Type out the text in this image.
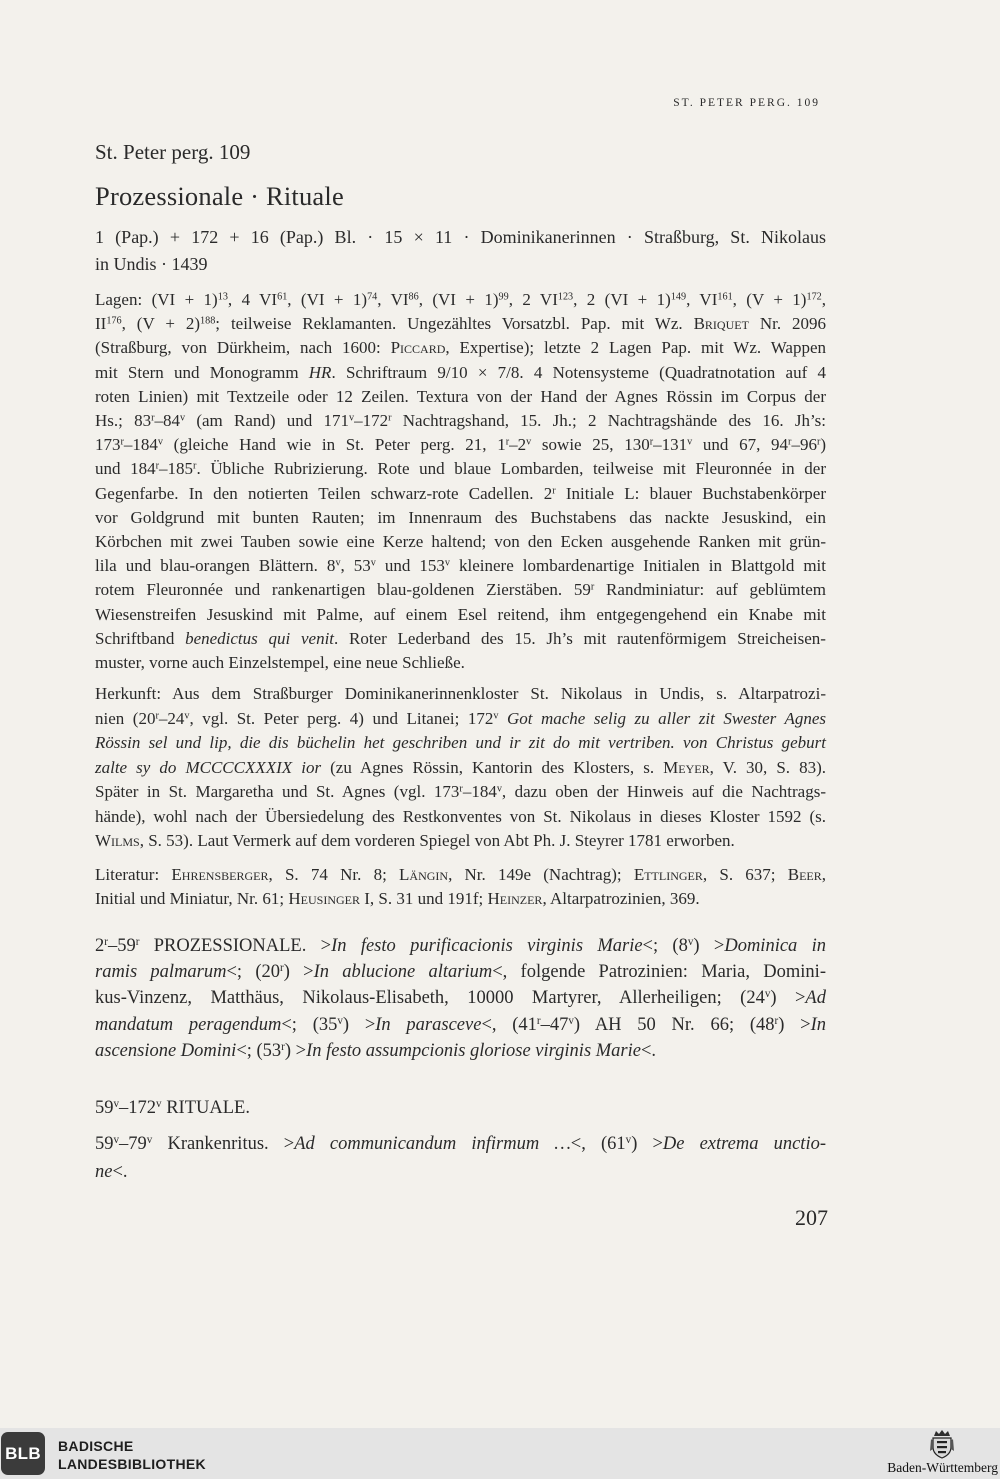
ST. PETER PERG. 109
St. Peter perg. 109
Prozessionale · Rituale
1 (Pap.) + 172 + 16 (Pap.) Bl. · 15 × 11 · Dominikanerinnen · Straßburg, St. Nikolaus
in Undis · 1439
Lagen: (VI + 1)$^{13}$, 4 VI$^{61}$, (VI + 1)$^{74}$, VI$^{86}$, (VI + 1)$^{99}$, 2 VI$^{123}$, 2 (VI + 1)$^{149}$, VI$^{161}$, $(V + 1)^{172}$,
II$^{176}$, $(V + 2)^{188}$; teilweise Reklamanten. Ungezähltes Vorsatzbl. Pap. mit Wz. Briquet Nr. 2096
(Straßburg, von Dürkheim, nach 1600: Piccard, Expertise); letzte 2 Lagen Pap. mit Wz. Wappen
mit Stern und Monogramm HR. Schriftraum 9/10 × 7/8. 4 Notensysteme (Quadratnotation auf 4
roten Linien) mit Textzeile oder 12 Zeilen. Textura von der Hand der Agnes Rössin im Corpus der
Hs.; 83$^r$–84$^v$ (am Rand) und 171$^v$–172$^r$ Nachtragshand, 15. Jh.; 2 Nachtragshände des 16. Jh’s:
173$^r$–184$^v$ (gleiche Hand wie in St. Peter perg. 21, 1$^r$–2$^v$ sowie 25, 130$^r$–131$^v$ und 67, 94$^r$–96$^r$)
und 184$^r$–185$^r$. Übliche Rubrizierung. Rote und blaue Lombarden, teilweise mit Fleuronnée in der
Gegenfarbe. In den notierten Teilen schwarz-rote Cadellen. 2$^r$ Initiale L: blauer Buchstabenkörper
vor Goldgrund mit bunten Rauten; im Innenraum des Buchstabens das nackte Jesuskind, ein
Körbchen mit zwei Tauben sowie eine Kerze haltend; von den Ecken ausgehende Ranken mit grün-
lila und blau-orangen Blättern. 8$^v$, 53$^v$ und 153$^v$ kleinere lombardenartige Initialen in Blattgold mit
rotem Fleuronnée und rankenartigen blau-goldenen Zierstäben. 59$^r$ Randminiatur: auf geblümtem
Wiesenstreifen Jesuskind mit Palme, auf einem Esel reitend, ihm entgegengehend ein Knabe mit
Schriftband benedictus qui venit. Roter Lederband des 15. Jh’s mit rautenförmigem Streicheisen-
muster, vorne auch Einzelstempel, eine neue Schließe.
Herkunft: Aus dem Straßburger Dominikanerinnenkloster St. Nikolaus in Undis, s. Altarpatrozi-
nien (20$^r$–24$^v$, vgl. St. Peter perg. 4) und Litanei; 172$^v$ Got mache selig zu aller zit Swester Agnes
Rössin sel und lip, die dis büchelin het geschriben und ir zit do mit vertriben. von Christus geburt
zalte sy do MCCCCXXXIX ior (zu Agnes Rössin, Kantorin des Klosters, s. Meyer, V. 30, S. 83).
Später in St. Margaretha und St. Agnes (vgl. 173$^r$–184$^v$, dazu oben der Hinweis auf die Nachtrags-
hände), wohl nach der Übersiedelung des Restkonventes von St. Nikolaus in dieses Kloster 1592 (s.
Wilms, S. 53). Laut Vermerk auf dem vorderen Spiegel von Abt Ph. J. Steyrer 1781 erworben.
Literatur: Ehrensberger, S. 74 Nr. 8; Längin, Nr. 149e (Nachtrag); Ettlinger, S. 637; Beer,
Initial und Miniatur, Nr. 61; Heusinger I, S. 31 und 191f; Heinzer, Altarpatrozinien, 369.
2$^r$–59$^r$ PROZESSIONALE. >In festo purificacionis virginis Marie<; $(8^v)$ >Dominica in
ramis palmarum<; $(20^r) >In$ ablucione altarium<, folgende Patrozinien: Maria, Domini-
kus-Vinzenz, Matthäus, Nikolaus-Elisabeth, 10000 Martyrer, Allerheiligen; $(24^v) >Ad$
mandatum peragendum<; $(35^v) >In$ parasceve<, (41$^r$–47$^v$) AH 50 Nr. 66; $(48^r) >In$
ascensione Domini<; $(53^r) >In$ festo assumpcionis gloriose virginis Marie<.
59$^v$–172$^v$ RITUALE.
59$^v$–79$^v$ Krankenritus. >Ad communicandum infirmum …<, $(61^v) >De$ extrema unctio-
ne<.
207
BLB BADISCHE
LANDESBIBLIOTHEK	Baden-Württemberg
